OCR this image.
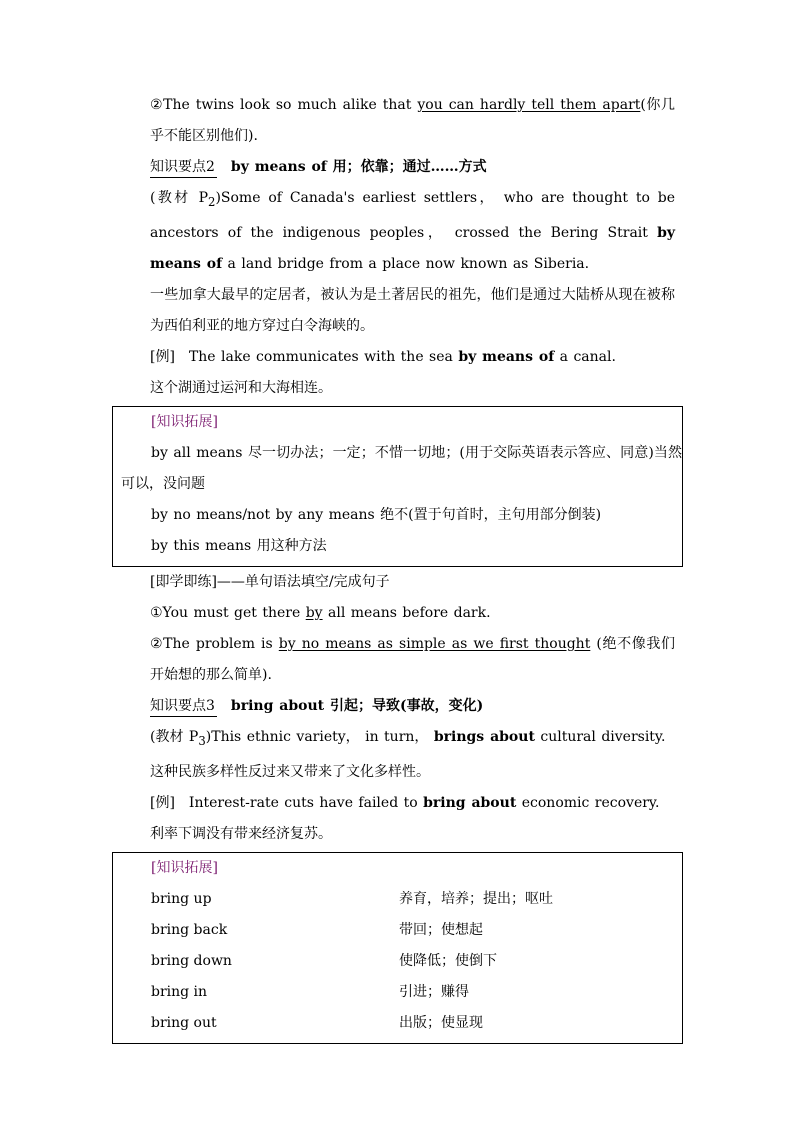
②The twins look so much alike that you can hardly tell them apart(你几乎不能区别他们).

知识要点2　 by means of 用；依靠；通过……方式

(教材 $P_2)Some$ of Canada's earliest settlers， who are thought to be ancestors of the indigenous peoples， crossed the Bering Strait by means of a land bridge from a place now known as Siberia.

一些加拿大最早的定居者，被认为是土著居民的祖先，他们是通过大陆桥从现在被称为西伯利亚的地方穿过白令海峡的。

[例]　The lake communicates with the sea by means of a canal.

这个湖通过运河和大海相连。

[知识拓展]

by all means 尽一切办法；一定；不惜一切地；(用于交际英语表示答应、同意)当然可以，没问题

by no means/not by any means 绝不(置于句首时，主句用部分倒装)

by this means 用这种方法

[即学即练]——单句语法填空/完成句子

①You must get there by all means before dark.

②The problem is by no means as simple as we first thought (绝不像我们开始想的那么简单).

知识要点3　 bring about 引起；导致(事故，变化)

(教材 $P_3)This$ ethnic variety， in turn， brings about cultural diversity.

这种民族多样性反过来又带来了文化多样性。

[例]　Interest-rate cuts have failed to bring about economic recovery.

利率下调没有带来经济复苏。

[知识拓展]

bring up	养育，培养；提出；呕吐
bring back	带回；使想起
bring down	使降低；使倒下
bring in	引进；赚得
bring out	出版；使显现
